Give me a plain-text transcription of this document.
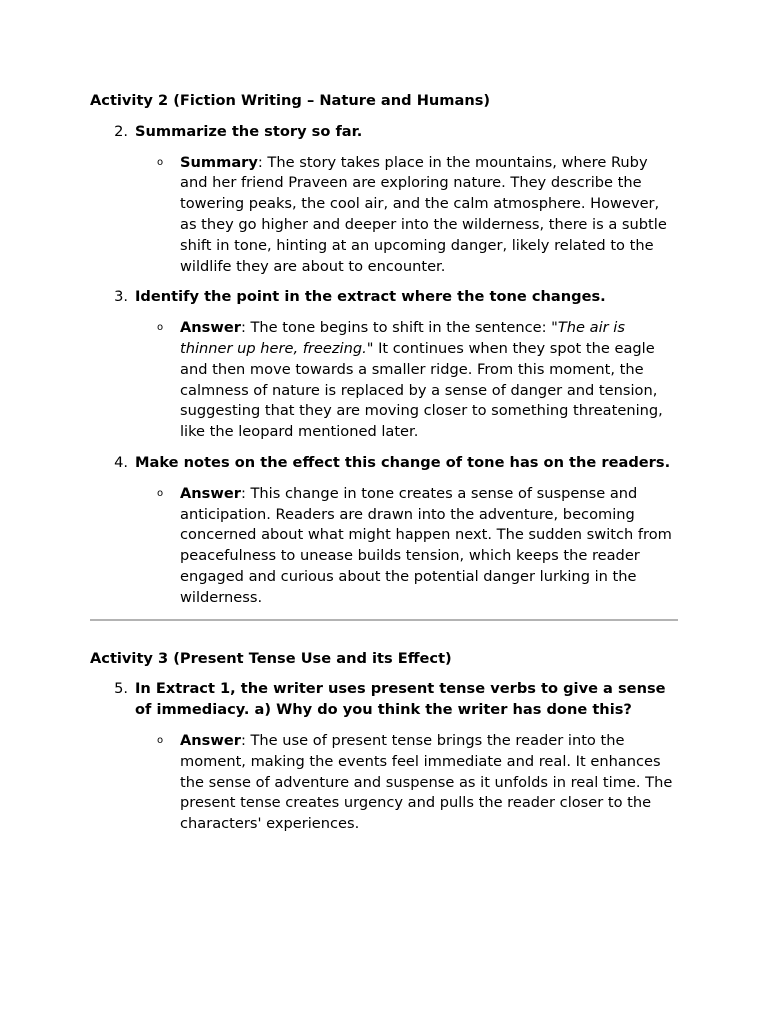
Activity 2 (Fiction Writing – Nature and Humans)
2. Summarize the story so far.
o Summary: The story takes place in the mountains, where Ruby and her friend Praveen are exploring nature. They describe the towering peaks, the cool air, and the calm atmosphere. However, as they go higher and deeper into the wilderness, there is a subtle shift in tone, hinting at an upcoming danger, likely related to the wildlife they are about to encounter.
3. Identify the point in the extract where the tone changes.
o Answer: The tone begins to shift in the sentence: "The air is thinner up here, freezing." It continues when they spot the eagle and then move towards a smaller ridge. From this moment, the calmness of nature is replaced by a sense of danger and tension, suggesting that they are moving closer to something threatening, like the leopard mentioned later.
4. Make notes on the effect this change of tone has on the readers.
o Answer: This change in tone creates a sense of suspense and anticipation. Readers are drawn into the adventure, becoming concerned about what might happen next. The sudden switch from peacefulness to unease builds tension, which keeps the reader engaged and curious about the potential danger lurking in the wilderness.
Activity 3 (Present Tense Use and its Effect)
5. In Extract 1, the writer uses present tense verbs to give a sense of immediacy. a) Why do you think the writer has done this?
o Answer: The use of present tense brings the reader into the moment, making the events feel immediate and real. It enhances the sense of adventure and suspense as it unfolds in real time. The present tense creates urgency and pulls the reader closer to the characters' experiences.
